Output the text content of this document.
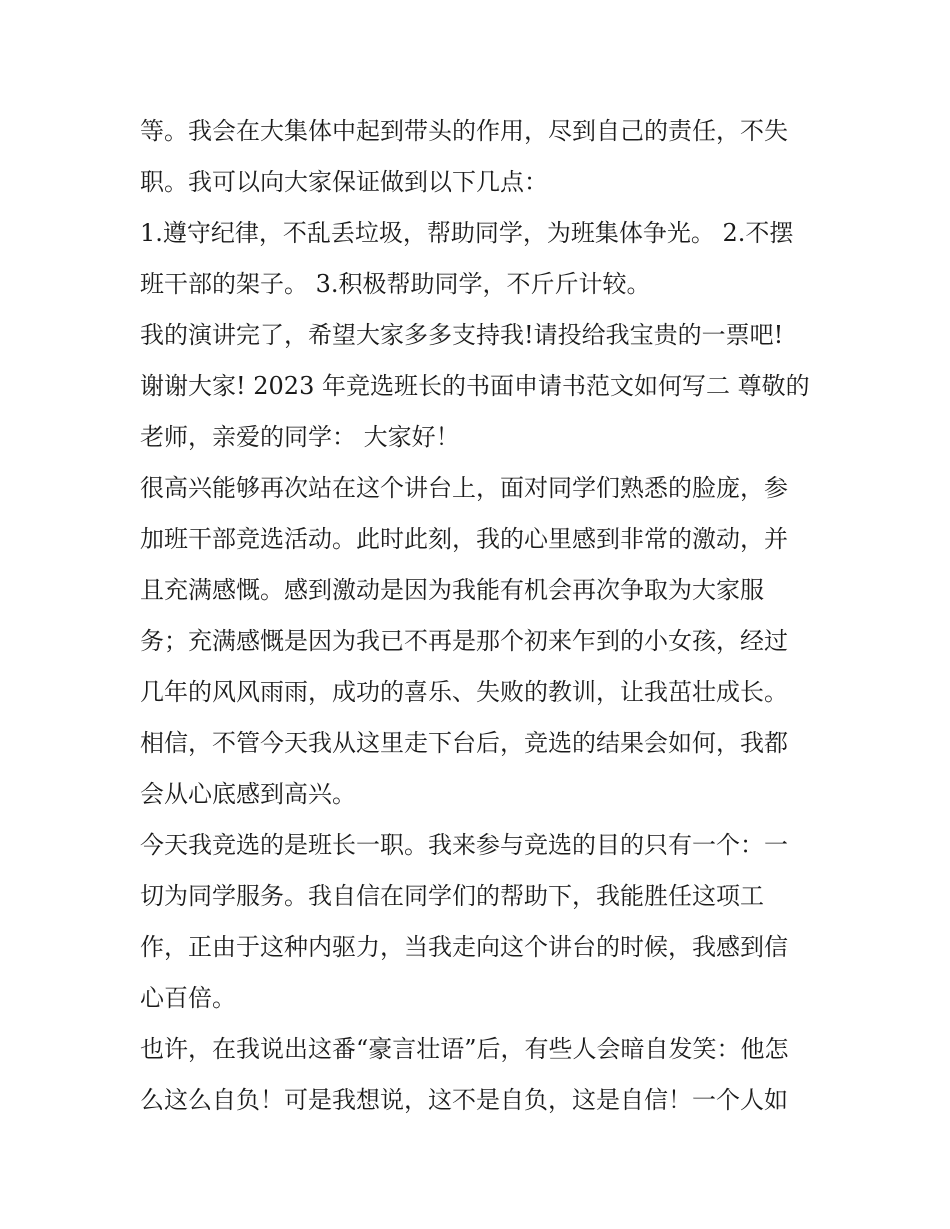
等。我会在大集体中起到带头的作用，尽到自己的责任，不失
职。我可以向大家保证做到以下几点：
1.遵守纪律，不乱丢垃圾，帮助同学，为班集体争光。 2.不摆
班干部的架子。 3.积极帮助同学，不斤斤计较。
我的演讲完了，希望大家多多支持我!请投给我宝贵的一票吧!
谢谢大家! 2023 年竞选班长的书面申请书范文如何写二 尊敬的
老师，亲爱的同学： 大家好！
很高兴能够再次站在这个讲台上，面对同学们熟悉的脸庞，参
加班干部竞选活动。此时此刻，我的心里感到非常的激动，并
且充满感慨。感到激动是因为我能有机会再次争取为大家服
务；充满感慨是因为我已不再是那个初来乍到的小女孩，经过
几年的风风雨雨，成功的喜乐、失败的教训，让我茁壮成长。
相信，不管今天我从这里走下台后，竞选的结果会如何，我都
会从心底感到高兴。
今天我竞选的是班长一职。我来参与竞选的目的只有一个：一
切为同学服务。我自信在同学们的帮助下，我能胜任这项工
作，正由于这种内驱力，当我走向这个讲台的时候，我感到信
心百倍。
也许，在我说出这番“豪言壮语”后，有些人会暗自发笑：他怎
么这么自负！可是我想说，这不是自负，这是自信！一个人如
